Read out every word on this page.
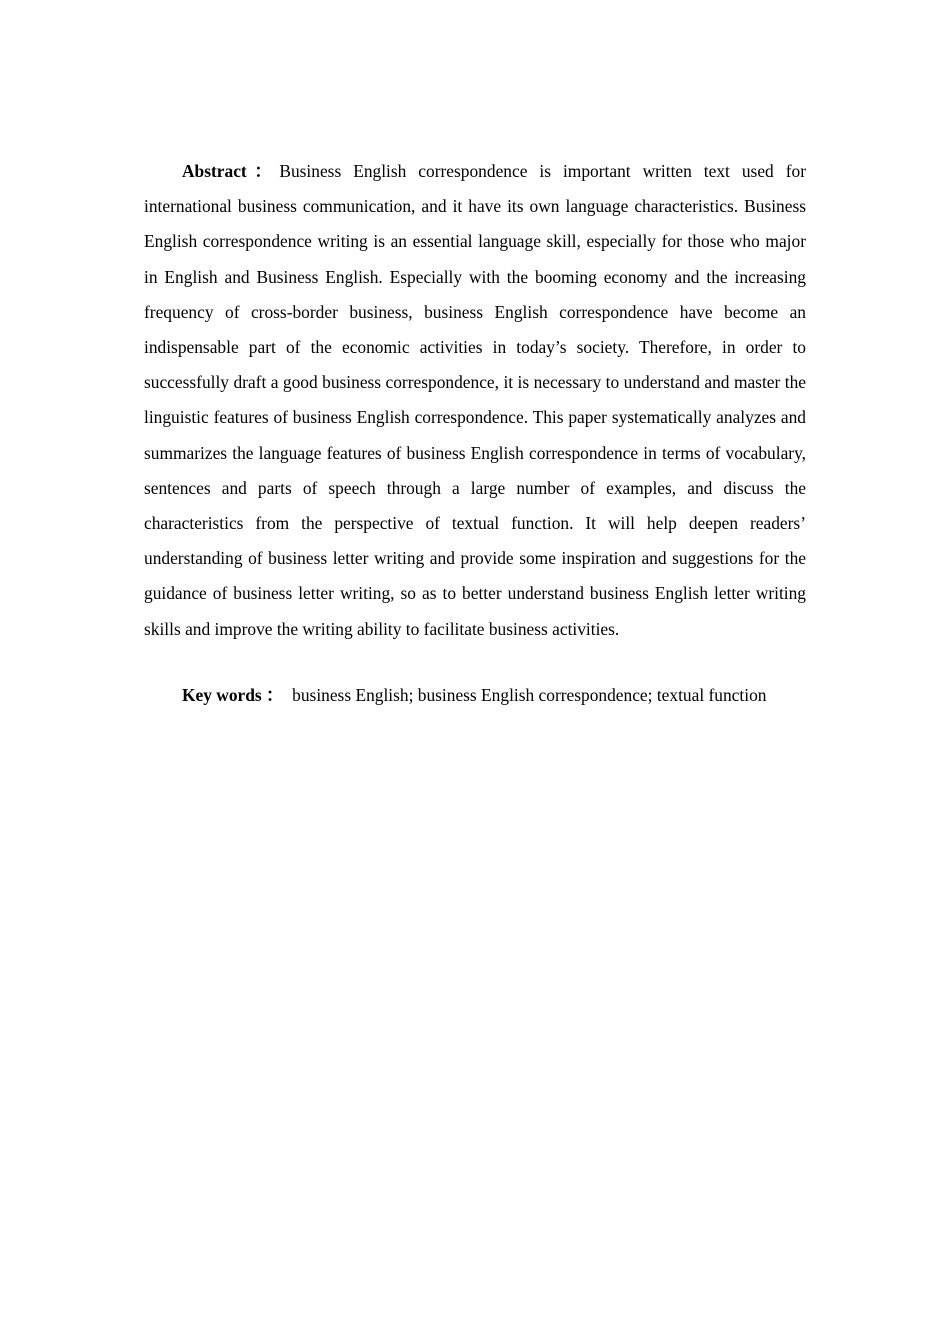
Abstract：Business English correspondence is important written text used for international business communication, and it have its own language characteristics. Business English correspondence writing is an essential language skill, especially for those who major in English and Business English. Especially with the booming economy and the increasing frequency of cross-border business, business English correspondence have become an indispensable part of the economic activities in today’s society. Therefore, in order to successfully draft a good business correspondence, it is necessary to understand and master the linguistic features of business English correspondence. This paper systematically analyzes and summarizes the language features of business English correspondence in terms of vocabulary, sentences and parts of speech through a large number of examples, and discuss the characteristics from the perspective of textual function. It will help deepen readers’ understanding of business letter writing and provide some inspiration and suggestions for the guidance of business letter writing, so as to better understand business English letter writing skills and improve the writing ability to facilitate business activities.

Key words ： business English; business English correspondence; textual function
